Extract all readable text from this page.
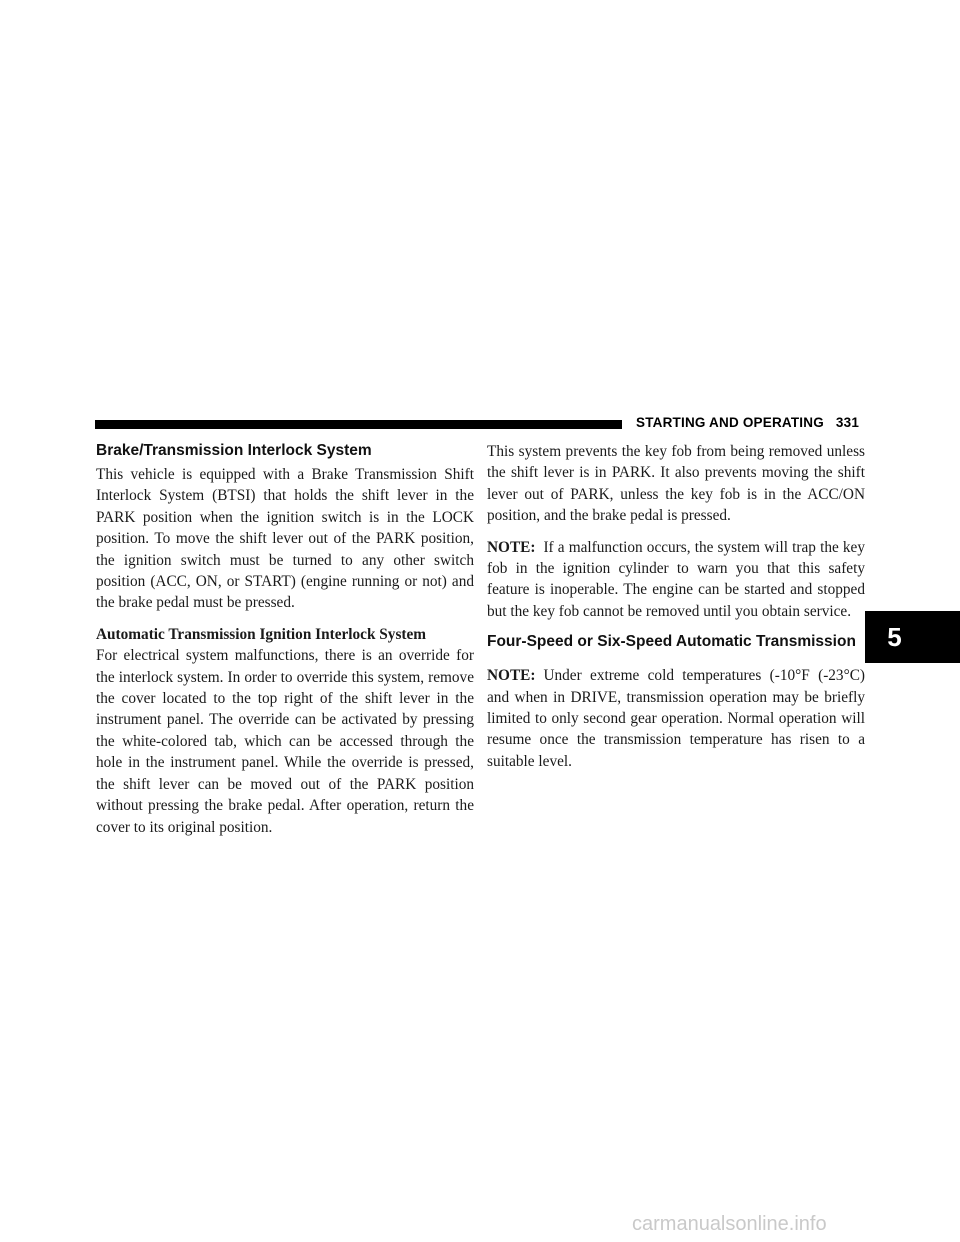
STARTING AND OPERATING 331
Brake/Transmission Interlock System

This vehicle is equipped with a Brake Transmission Shift Interlock System (BTSI) that holds the shift lever in the PARK position when the ignition switch is in the LOCK position. To move the shift lever out of the PARK position, the ignition switch must be turned to any other switch position (ACC, ON, or START) (engine running or not) and the brake pedal must be pressed.

Automatic Transmission Ignition Interlock System

For electrical system malfunctions, there is an override for the interlock system. In order to override this system, remove the cover located to the top right of the shift lever in the instrument panel. The override can be activated by pressing the white-colored tab, which can be accessed through the hole in the instrument panel. While the override is pressed, the shift lever can be moved out of the PARK position without pressing the brake pedal. After operation, return the cover to its original position.

This system prevents the key fob from being removed unless the shift lever is in PARK. It also prevents moving the shift lever out of PARK, unless the key fob is in the ACC/ON position, and the brake pedal is pressed.

NOTE: If a malfunction occurs, the system will trap the key fob in the ignition cylinder to warn you that this safety feature is inoperable. The engine can be started and stopped but the key fob cannot be removed until you obtain service.

Four-Speed or Six-Speed Automatic Transmission

NOTE: Under extreme cold temperatures (-10°F (-23°C) and when in DRIVE, transmission operation may be briefly limited to only second gear operation. Normal operation will resume once the transmission temperature has risen to a suitable level.

5
carmanualsonline.info
